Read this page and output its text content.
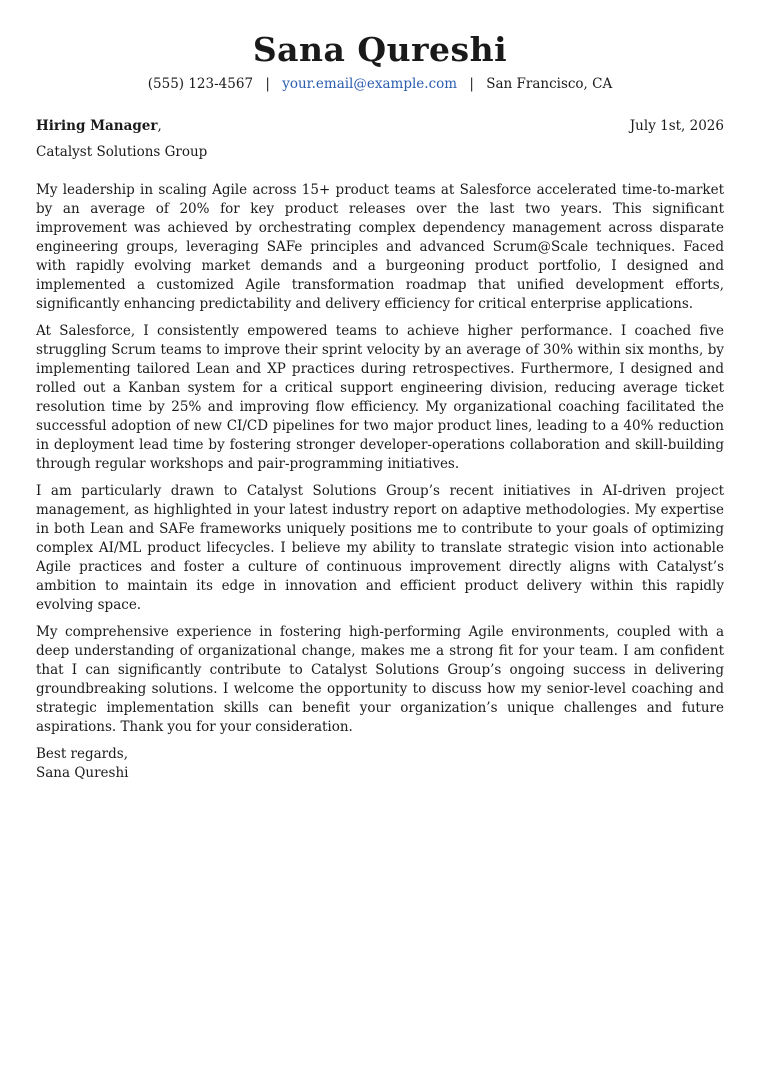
Sana Qureshi
(555) 123-4567 | your.email@example.com | San Francisco, CA
Hiring Manager,	July 1st, 2026
Catalyst Solutions Group

My leadership in scaling Agile across 15+ product teams at Salesforce accelerated time-to-market by an average of 20% for key product releases over the last two years. This significant improvement was achieved by orchestrating complex dependency management across disparate engineering groups, leveraging SAFe principles and advanced Scrum@Scale techniques. Faced with rapidly evolving market demands and a burgeoning product portfolio, I designed and implemented a customized Agile transformation roadmap that unified development efforts, significantly enhancing predictability and delivery efficiency for critical enterprise applications.

At Salesforce, I consistently empowered teams to achieve higher performance. I coached five struggling Scrum teams to improve their sprint velocity by an average of 30% within six months, by implementing tailored Lean and XP practices during retrospectives. Furthermore, I designed and rolled out a Kanban system for a critical support engineering division, reducing average ticket resolution time by 25% and improving flow efficiency. My organizational coaching facilitated the successful adoption of new CI/CD pipelines for two major product lines, leading to a 40% reduction in deployment lead time by fostering stronger developer-operations collaboration and skill-building through regular workshops and pair-programming initiatives.

I am particularly drawn to Catalyst Solutions Group’s recent initiatives in AI-driven project management, as highlighted in your latest industry report on adaptive methodologies. My expertise in both Lean and SAFe frameworks uniquely positions me to contribute to your goals of optimizing complex AI/ML product lifecycles. I believe my ability to translate strategic vision into actionable Agile practices and foster a culture of continuous improvement directly aligns with Catalyst’s ambition to maintain its edge in innovation and efficient product delivery within this rapidly evolving space.

My comprehensive experience in fostering high-performing Agile environments, coupled with a deep understanding of organizational change, makes me a strong fit for your team. I am confident that I can significantly contribute to Catalyst Solutions Group’s ongoing success in delivering groundbreaking solutions. I welcome the opportunity to discuss how my senior-level coaching and strategic implementation skills can benefit your organization’s unique challenges and future aspirations. Thank you for your consideration.

Best regards,
Sana Qureshi
